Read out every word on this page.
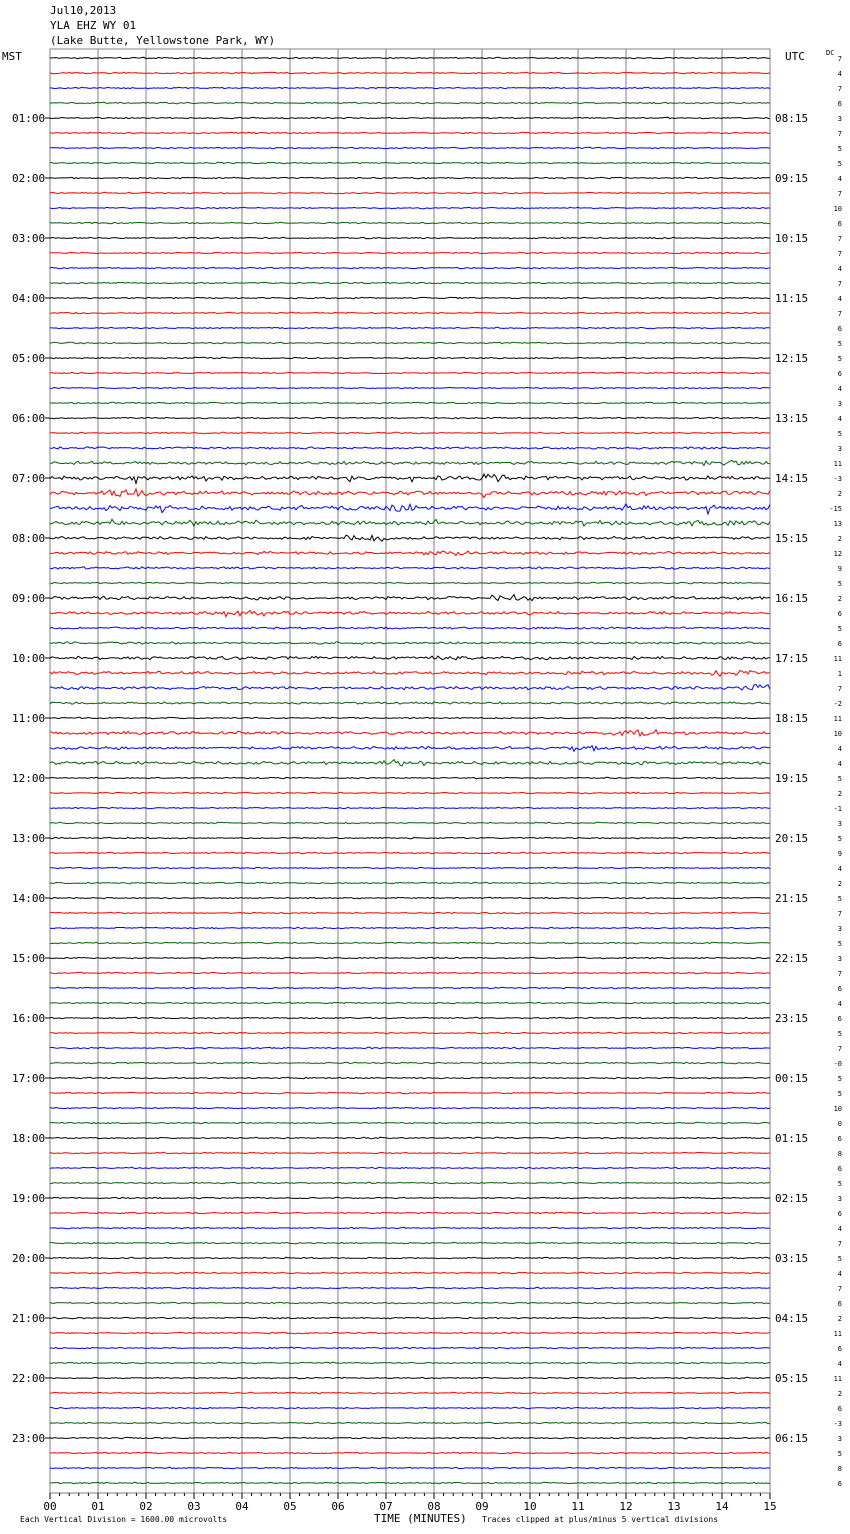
Jul10,2013
YLA EHZ WY 01
(Lake Butte, Yellowstone Park, WY)
MST	UTC	DC
00	01	02	03	04	05	06	07	08	09	10	11	12	13	14	15
7
4
7
6
3
7
5
5
4
7
10
6
7
7
4
7
4
7
6
5
5
6
4
3
4
5
3
11
-3
2
-15
13
2
12
9
5
2
6
5
6
11
1
7
-2
11
10
4
4
5
2
-1
3
5
9
4
2
5
7
3
5
3
7
6
4
6
5
7
-0
5
5
10
0
6
8
6
5
3
6
4
7
5
4
7
6
2
11
6
4
11
2
6
-3
3
5
8
6
01:00
02:00
03:00
04:00
05:00
06:00
07:00
08:00
09:00
10:00
11:00
12:00
13:00
14:00
15:00
16:00
17:00
18:00
19:00
20:00
21:00
22:00
23:00
08:15
09:15
10:15
11:15
12:15
13:15
14:15
15:15
16:15
17:15
18:15
19:15
20:15
21:15
22:15
23:15
00:15
01:15
02:15
03:15
04:15
05:15
06:15
TIME (MINUTES)
Each Vertical Division = 1600.00 microvolts	Traces clipped at plus/minus 5 vertical divisions
